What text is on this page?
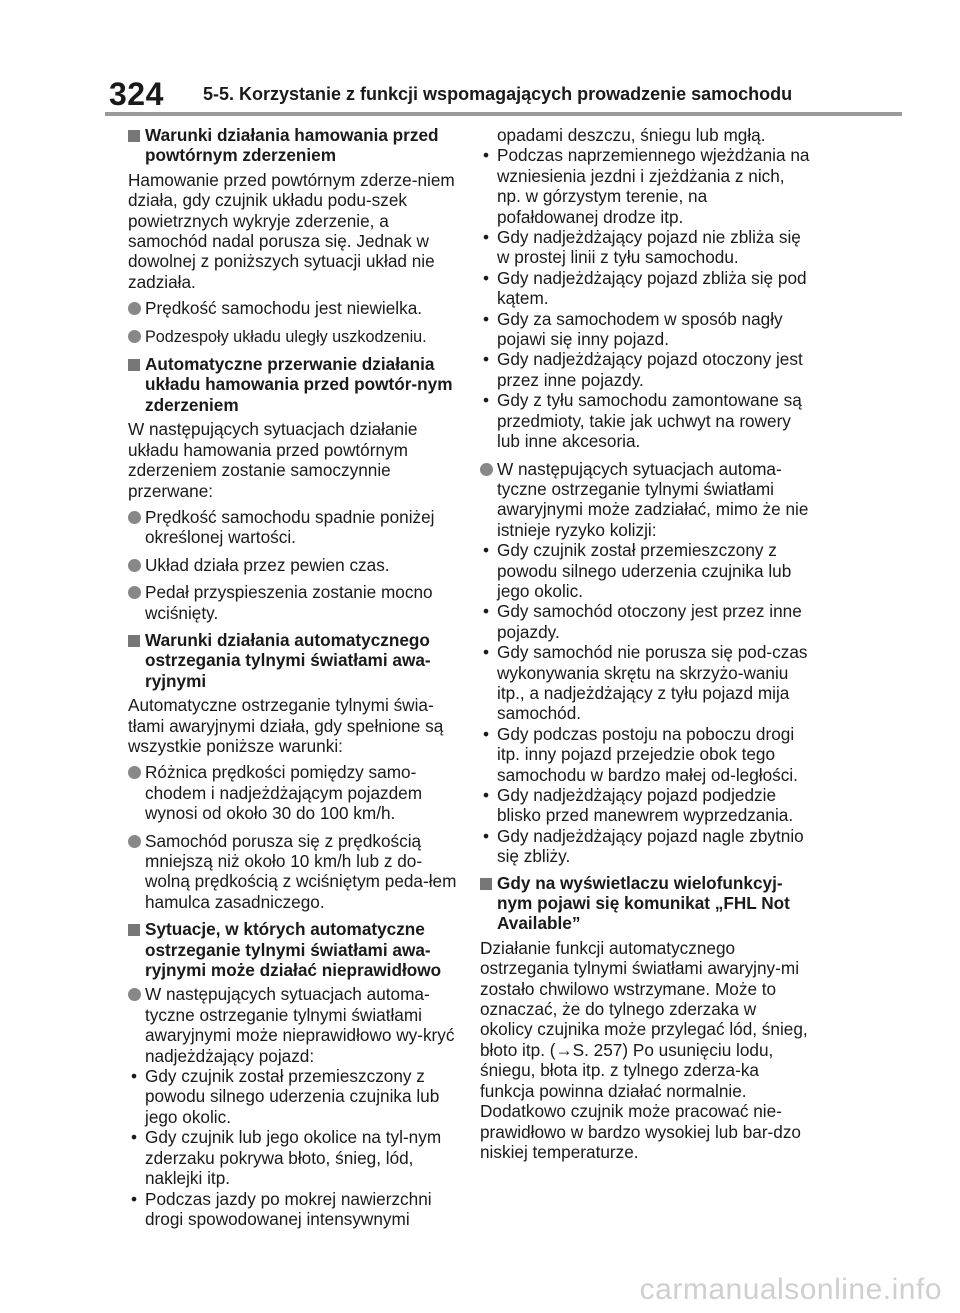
324 5-5. Korzystanie z funkcji wspomagających prowadzenie samochodu

Warunki działania hamowania przed powtórnym zderzeniem

Hamowanie przed powtórnym zderze-niem działa, gdy czujnik układu podu-szek powietrznych wykryje zderzenie, a samochód nadal porusza się. Jednak w dowolnej z poniższych sytuacji układ nie zadziała.

Prędkość samochodu jest niewielka.

Podzespoły układu uległy uszkodzeniu.

Automatyczne przerwanie działania układu hamowania przed powtór-nym zderzeniem

W następujących sytuacjach działanie układu hamowania przed powtórnym zderzeniem zostanie samoczynnie przerwane:

Prędkość samochodu spadnie poniżej określonej wartości.

Układ działa przez pewien czas.

Pedał przyspieszenia zostanie mocno wciśnięty.

Warunki działania automatycznego ostrzegania tylnymi światłami awa-ryjnymi

Automatyczne ostrzeganie tylnymi świa-tłami awaryjnymi działa, gdy spełnione są wszystkie poniższe warunki:

Różnica prędkości pomiędzy samo-chodem i nadjeżdżającym pojazdem wynosi od około 30 do 100 km/h.

Samochód porusza się z prędkością mniejszą niż około 10 km/h lub z do-wolną prędkością z wciśniętym peda-łem hamulca zasadniczego.

Sytuacje, w których automatyczne ostrzeganie tylnymi światłami awa-ryjnymi może działać nieprawidłowo

W następujących sytuacjach automa-tyczne ostrzeganie tylnymi światłami awaryjnymi może nieprawidłowo wy-kryć nadjeżdżający pojazd:

• Gdy czujnik został przemieszczony z powodu silnego uderzenia czujnika lub jego okolic.

• Gdy czujnik lub jego okolice na tyl-nym zderzaku pokrywa błoto, śnieg, lód, naklejki itp.

• Podczas jazdy po mokrej nawierzchni drogi spowodowanej intensywnymi

opadami deszczu, śniegu lub mgłą.

• Podczas naprzemiennego wjeżdżania na wzniesienia jezdni i zjeżdżania z nich, np. w górzystym terenie, na pofałdowanej drodze itp.

• Gdy nadjeżdżający pojazd nie zbliża się w prostej linii z tyłu samochodu.

• Gdy nadjeżdżający pojazd zbliża się pod kątem.

• Gdy za samochodem w sposób nagły pojawi się inny pojazd.

• Gdy nadjeżdżający pojazd otoczony jest przez inne pojazdy.

• Gdy z tyłu samochodu zamontowane są przedmioty, takie jak uchwyt na rowery lub inne akcesoria.

W następujących sytuacjach automa-tyczne ostrzeganie tylnymi światłami awaryjnymi może zadziałać, mimo że nie istnieje ryzyko kolizji:

• Gdy czujnik został przemieszczony z powodu silnego uderzenia czujnika lub jego okolic.

• Gdy samochód otoczony jest przez inne pojazdy.

• Gdy samochód nie porusza się pod-czas wykonywania skrętu na skrzyżo-waniu itp., a nadjeżdżający z tyłu pojazd mija samochód.

• Gdy podczas postoju na poboczu drogi itp. inny pojazd przejedzie obok tego samochodu w bardzo małej od-ległości.

• Gdy nadjeżdżający pojazd podjedzie blisko przed manewrem wyprzedzania.

• Gdy nadjeżdżający pojazd nagle zbytnio się zbliży.

Gdy na wyświetlaczu wielofunkcyj-nym pojawi się komunikat „FHL Not Available”

Działanie funkcji automatycznego ostrzegania tylnymi światłami awaryjny-mi zostało chwilowo wstrzymane. Może to oznaczać, że do tylnego zderzaka w okolicy czujnika może przylegać lód, śnieg, błoto itp. (→S. 257) Po usunięciu lodu, śniegu, błota itp. z tylnego zderza-ka funkcja powinna działać normalnie. Dodatkowo czujnik może pracować nie-prawidłowo w bardzo wysokiej lub bar-dzo niskiej temperaturze.

carmanualsonline.info
